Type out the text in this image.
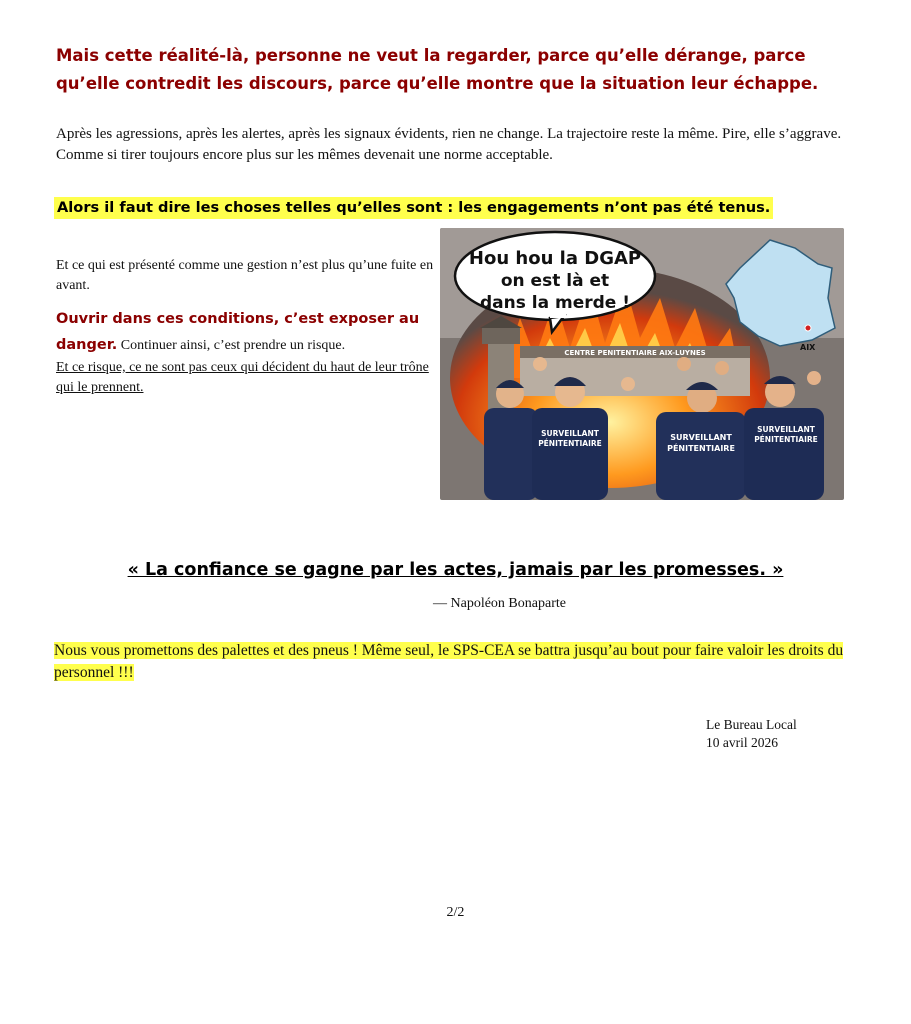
Mais cette réalité-là, personne ne veut la regarder, parce qu’elle dérange, parce qu’elle contredit les discours, parce qu’elle montre que la situation leur échappe.
Après les agressions, après les alertes, après les signaux évidents, rien ne change. La trajectoire reste la même. Pire, elle s’aggrave. Comme si tirer toujours encore plus sur les mêmes devenait une norme acceptable.
Alors il faut dire les choses telles qu’elles sont : les engagements n’ont pas été tenus.

Et ce qui est présenté comme une gestion n’est plus qu’une fuite en avant.

Ouvrir dans ces conditions, c’est exposer au danger. Continuer ainsi, c’est prendre un risque.
Et ce risque, ce ne sont pas ceux qui décident du haut de leur trône qui le prennent.

CENTRE PENITENTIAIRE AIX-LUYNES
AIX
Hou hou la DGAP
on est là et
dans la merde !
SURVEILLANT
PÉNITENTIAIRE
SURVEILLANT
PÉNITENTIAIRE
SURVEILLANT
PÉNITENTIAIRE
« La confiance se gagne par les actes, jamais par les promesses. »
— Napoléon Bonaparte
Nous vous promettons des palettes et des pneus ! Même seul, le SPS-CEA se battra jusqu’au bout pour faire valoir les droits du personnel !!!
Le Bureau Local
10 avril 2026
2/2
